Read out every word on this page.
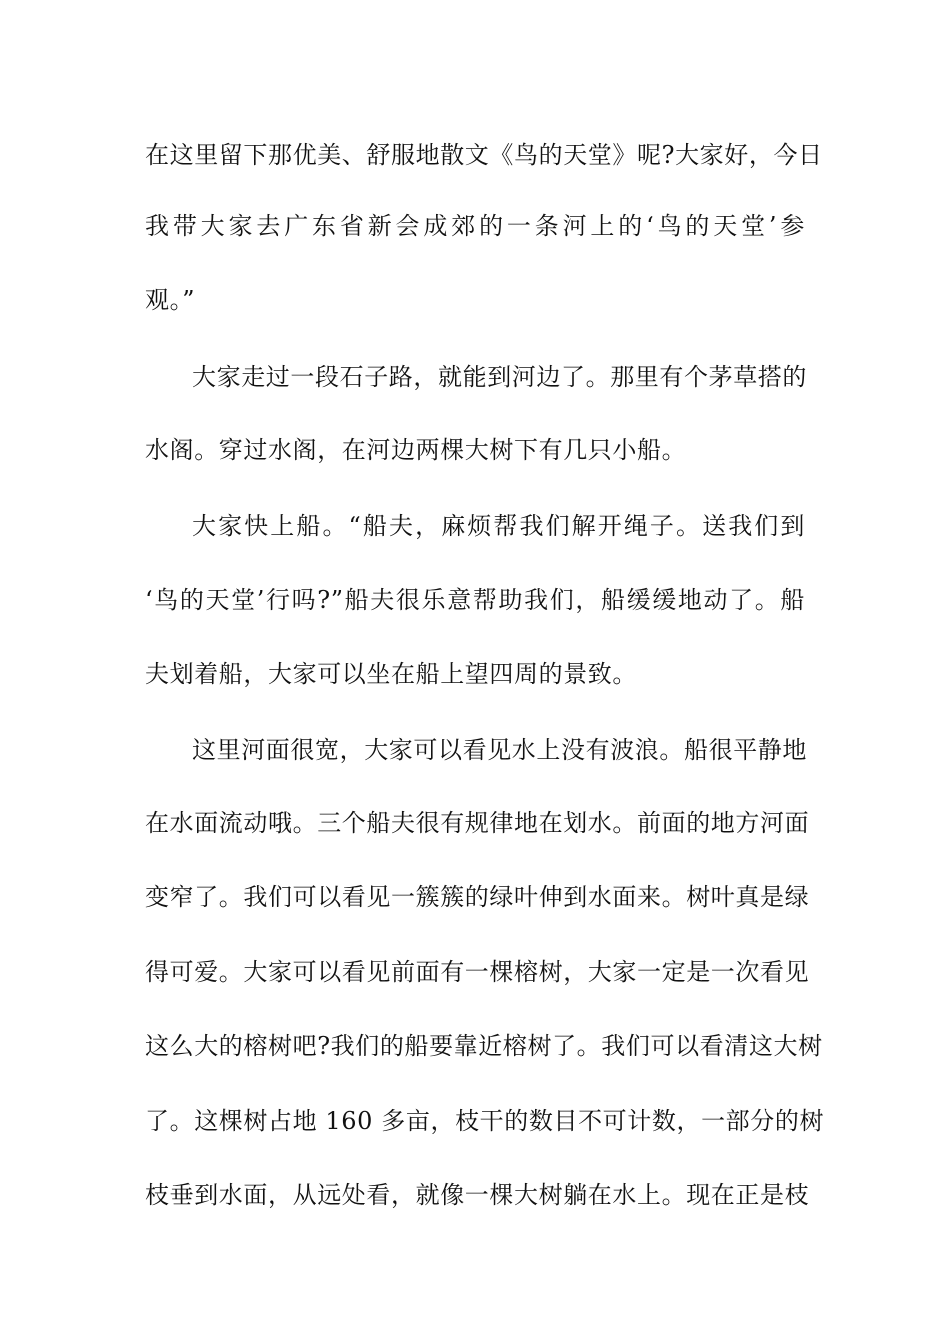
在这里留下那优美、舒服地散文《鸟的天堂》呢?大家好，今日
我带大家去广东省新会成郊的一条河上的‘鸟的天堂’参
观。”
大家走过一段石子路，就能到河边了。那里有个茅草搭的
水阁。穿过水阁，在河边两棵大树下有几只小船。
大家快上船。“船夫，麻烦帮我们解开绳子。送我们到
‘鸟的天堂’行吗?”船夫很乐意帮助我们，船缓缓地动了。船
夫划着船，大家可以坐在船上望四周的景致。
这里河面很宽，大家可以看见水上没有波浪。船很平静地
在水面流动哦。三个船夫很有规律地在划水。前面的地方河面
变窄了。我们可以看见一簇簇的绿叶伸到水面来。树叶真是绿
得可爱。大家可以看见前面有一棵榕树，大家一定是一次看见
这么大的榕树吧?我们的船要靠近榕树了。我们可以看清这大树
了。这棵树占地 160 多亩，枝干的数目不可计数，一部分的树
枝垂到水面，从远处看，就像一棵大树躺在水上。现在正是枝
